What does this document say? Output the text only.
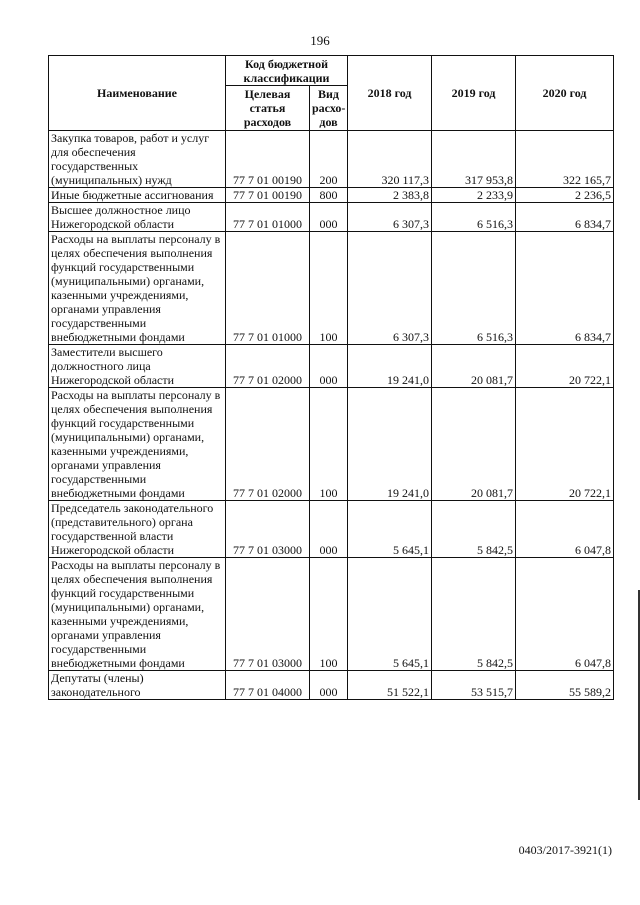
196
Наименование	Код бюджетной классификации		2018 год	2019 год	2020 год
	Целевая статья расходов	Вид расхо-дов			
Закупка товаров, работ и услуг для обеспечения государственных (муниципальных) нужд	77 7 01 00190	200	320 117,3	317 953,8	322 165,7
Иные бюджетные ассигнования	77 7 01 00190	800	2 383,8	2 233,9	2 236,5
Высшее должностное лицо Нижегородской области	77 7 01 01000	000	6 307,3	6 516,3	6 834,7
Расходы на выплаты персоналу в целях обеспечения выполнения функций государственными (муниципальными) органами, казенными учреждениями, органами управления государственными внебюджетными фондами	77 7 01 01000	100	6 307,3	6 516,3	6 834,7
Заместители высшего должностного лица Нижегородской области	77 7 01 02000	000	19 241,0	20 081,7	20 722,1
Расходы на выплаты персоналу в целях обеспечения выполнения функций государственными (муниципальными) органами, казенными учреждениями, органами управления государственными внебюджетными фондами	77 7 01 02000	100	19 241,0	20 081,7	20 722,1
Председатель законодательного (представительного) органа государственной власти Нижегородской области	77 7 01 03000	000	5 645,1	5 842,5	6 047,8
Расходы на выплаты персоналу в целях обеспечения выполнения функций государственными (муниципальными) органами, казенными учреждениями, органами управления государственными внебюджетными фондами	77 7 01 03000	100	5 645,1	5 842,5	6 047,8
Депутаты (члены) законодательного	77 7 01 04000	000	51 522,1	53 515,7	55 589,2
0403/2017-3921(1)
